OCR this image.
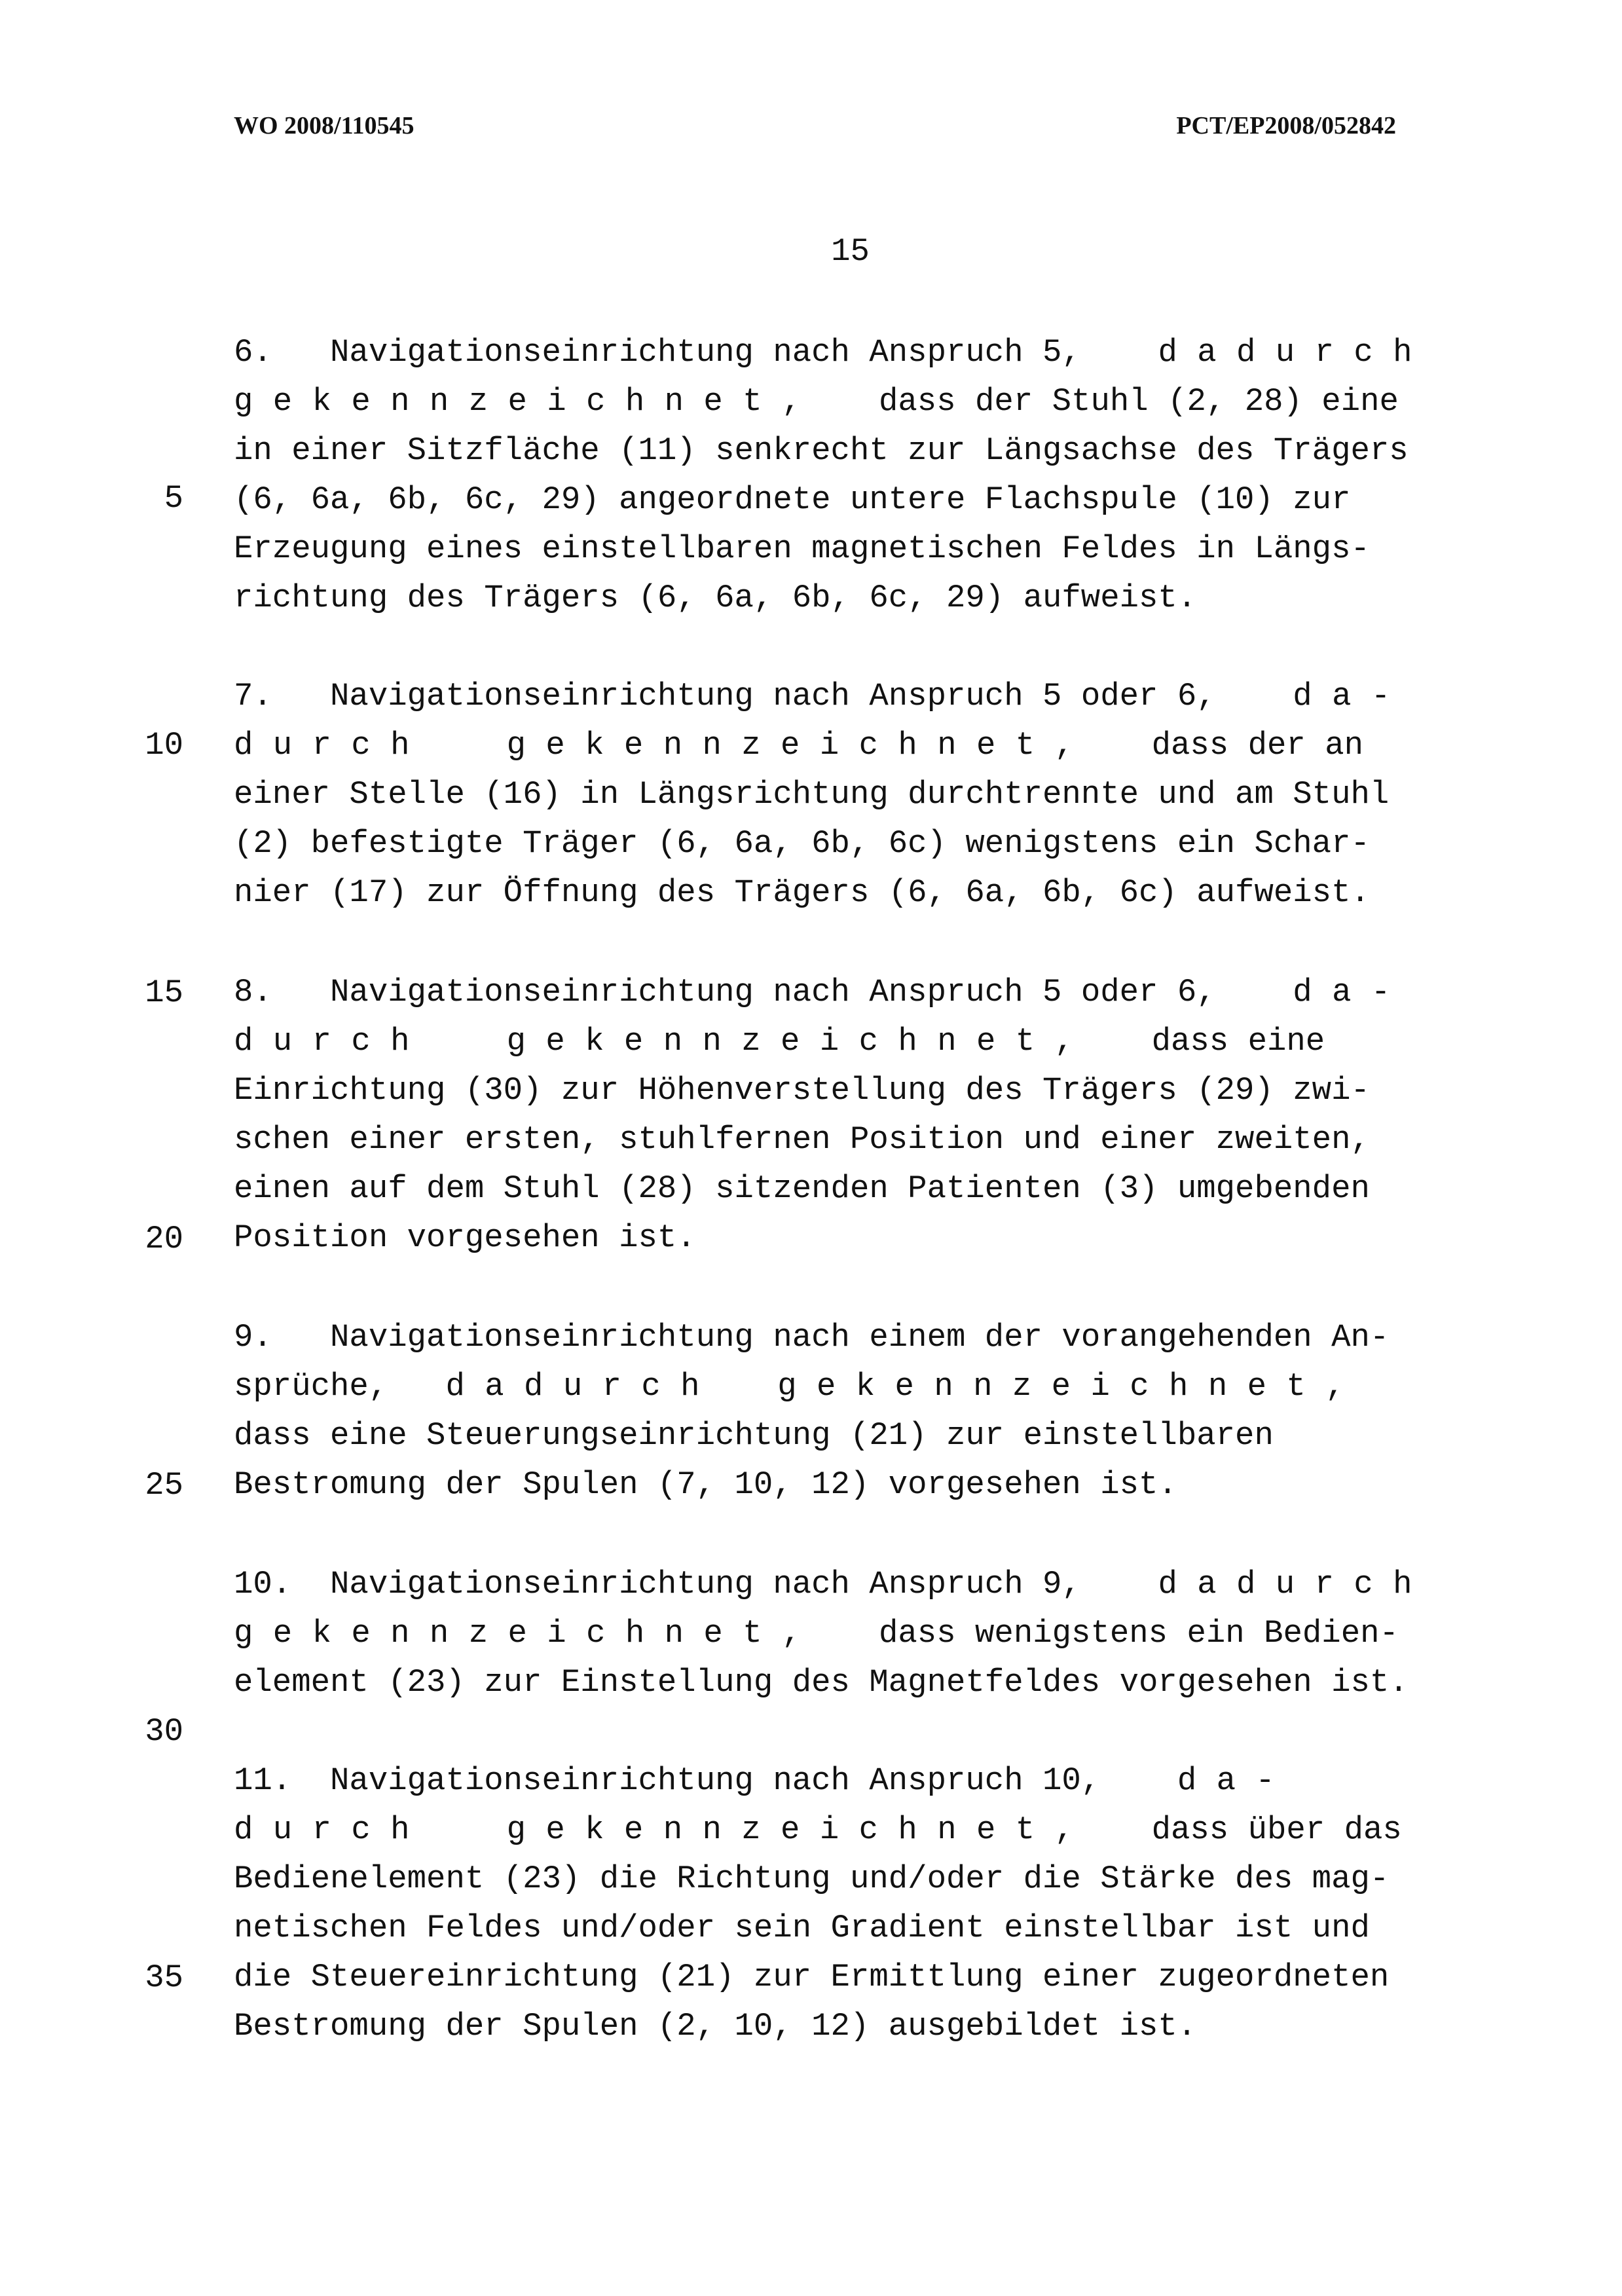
WO 2008/110545	PCT/EP2008/052842
15
5
10
15
20
25
30
35
6. Navigationseinrichtung nach Anspruch 5, dadurch
gekennzeichnet, dass der Stuhl (2, 28) eine
in einer Sitzfläche (11) senkrecht zur Längsachse des Trägers
(6, 6a, 6b, 6c, 29) angeordnete untere Flachspule (10) zur
Erzeugung eines einstellbaren magnetischen Feldes in Längs-
richtung des Trägers (6, 6a, 6b, 6c, 29) aufweist.
7. Navigationseinrichtung nach Anspruch 5 oder 6, da-
durch gekennzeichnet, dass der an
einer Stelle (16) in Längsrichtung durchtrennte und am Stuhl
(2) befestigte Träger (6, 6a, 6b, 6c) wenigstens ein Schar-
nier (17) zur Öffnung des Trägers (6, 6a, 6b, 6c) aufweist.
8. Navigationseinrichtung nach Anspruch 5 oder 6, da-
durch gekennzeichnet, dass eine
Einrichtung (30) zur Höhenverstellung des Trägers (29) zwi-
schen einer ersten, stuhlfernen Position und einer zweiten,
einen auf dem Stuhl (28) sitzenden Patienten (3) umgebenden
Position vorgesehen ist.
9. Navigationseinrichtung nach einem der vorangehenden An-
sprüche, dadurch gekennzeichnet,
dass eine Steuerungseinrichtung (21) zur einstellbaren
Bestromung der Spulen (7, 10, 12) vorgesehen ist.
10. Navigationseinrichtung nach Anspruch 9, dadurch
gekennzeichnet, dass wenigstens ein Bedien-
element (23) zur Einstellung des Magnetfeldes vorgesehen ist.
11. Navigationseinrichtung nach Anspruch 10, da-
durch gekennzeichnet, dass über das
Bedienelement (23) die Richtung und/oder die Stärke des mag-
netischen Feldes und/oder sein Gradient einstellbar ist und
die Steuereinrichtung (21) zur Ermittlung einer zugeordneten
Bestromung der Spulen (2, 10, 12) ausgebildet ist.
